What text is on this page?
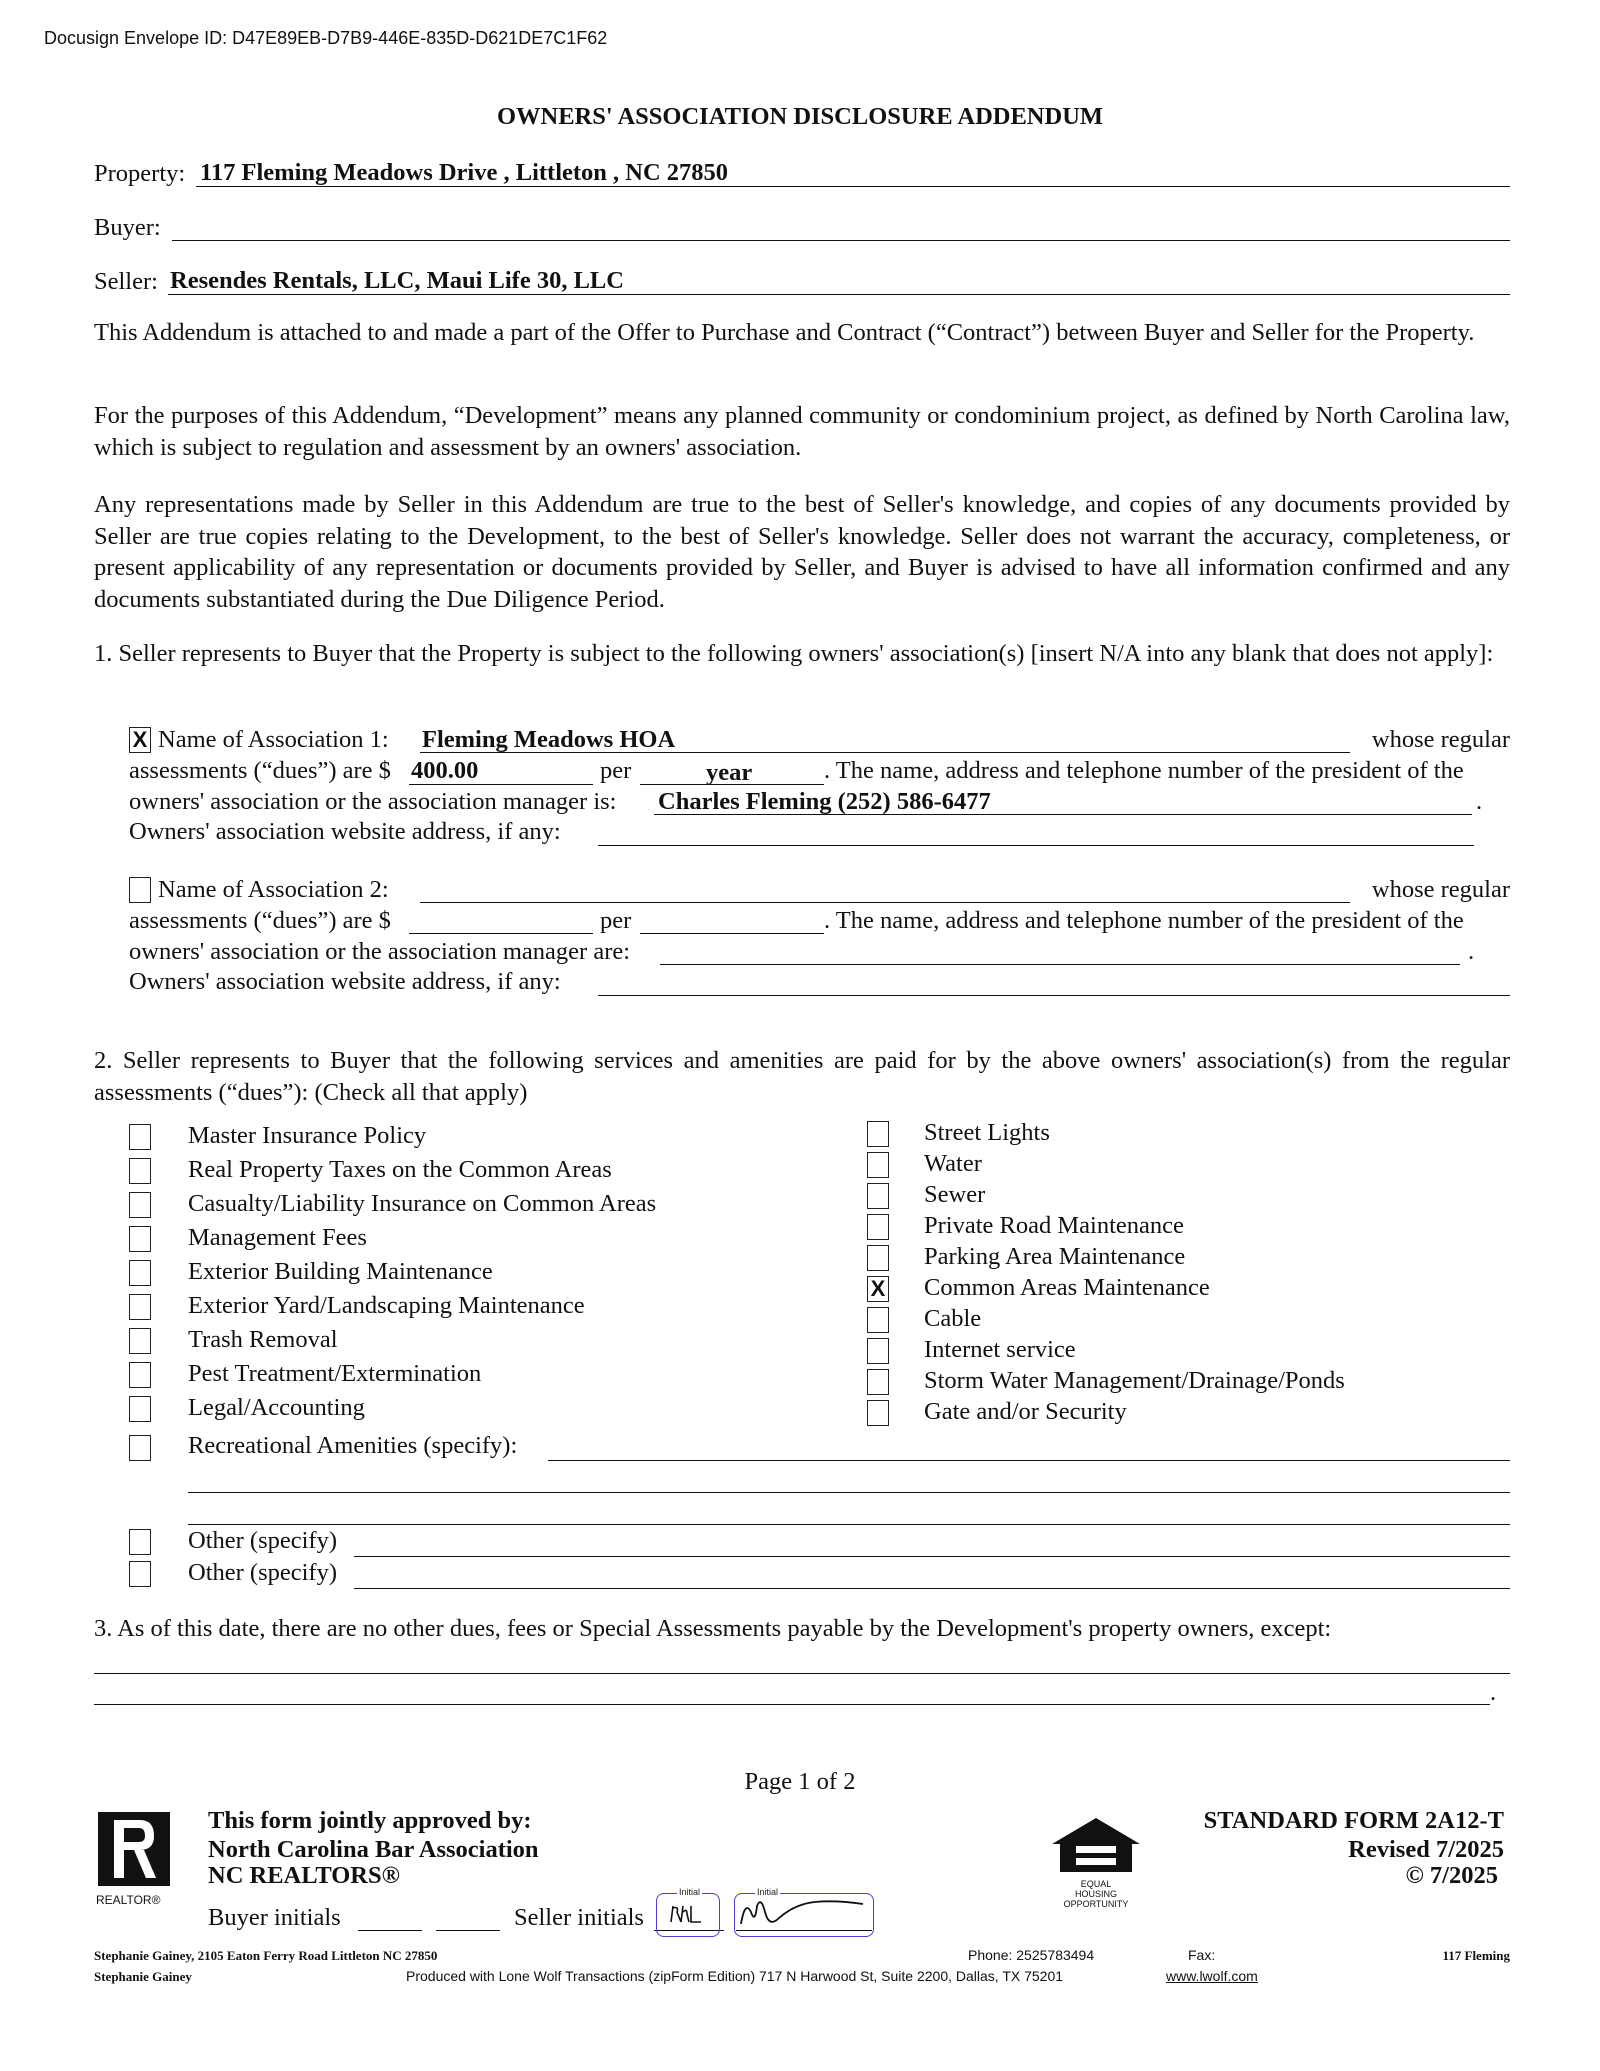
Docusign Envelope ID: D47E89EB-D7B9-446E-835D-D621DE7C1F62
OWNERS' ASSOCIATION DISCLOSURE ADDENDUM
Property: 117 Fleming Meadows Drive , Littleton , NC 27850
Buyer:
Seller: Resendes Rentals, LLC, Maui Life 30, LLC
This Addendum is attached to and made a part of the Offer to Purchase and Contract (“Contract”) between Buyer and Seller for the Property.
For the purposes of this Addendum, “Development” means any planned community or condominium project, as defined by North Carolina law, which is subject to regulation and assessment by an owners' association.
Any representations made by Seller in this Addendum are true to the best of Seller's knowledge, and copies of any documents provided by Seller are true copies relating to the Development, to the best of Seller's knowledge. Seller does not warrant the accuracy, completeness, or present applicability of any representation or documents provided by Seller, and Buyer is advised to have all information confirmed and any documents substantiated during the Due Diligence Period.
1. Seller represents to Buyer that the Property is subject to the following owners' association(s) [insert N/A into any blank that does not apply]:
X Name of Association 1: Fleming Meadows HOA	whose regular
assessments (“dues”) are $ 400.00	per	year	. The name, address and telephone number of the president of the
owners' association or the association manager is: Charles Fleming (252) 586-6477	.
Owners' association website address, if any:
Name of Association 2:	whose regular
assessments (“dues”) are $	per	. The name, address and telephone number of the president of the
owners' association or the association manager are:	.
Owners' association website address, if any:
2. Seller represents to Buyer that the following services and amenities are paid for by the above owners' association(s) from the regular assessments (“dues”): (Check all that apply)
Master Insurance Policy
Real Property Taxes on the Common Areas
Casualty/Liability Insurance on Common Areas
Management Fees
Exterior Building Maintenance
Exterior Yard/Landscaping Maintenance
Trash Removal
Pest Treatment/Extermination
Legal/Accounting
Street Lights
Water
Sewer
Private Road Maintenance
Parking Area Maintenance
X Common Areas Maintenance
Cable
Internet service
Storm Water Management/Drainage/Ponds
Gate and/or Security
Recreational Amenities (specify):
Other (specify)
Other (specify)
3. As of this date, there are no other dues, fees or Special Assessments payable by the Development's property owners, except:
.
Page 1 of 2
REALTOR®
This form jointly approved by:
North Carolina Bar Association
NC REALTORS®	EQUAL HOUSING OPPORTUNITY
STANDARD FORM 2A12-T
Revised 7/2025
© 7/2025
Buyer initials	Seller initials
Initial	Initial
Stephanie Gainey, 2105 Eaton Ferry Road Littleton NC 27850	Phone: 2525783494	Fax:	117 Fleming
Stephanie Gainey	Produced with Lone Wolf Transactions (zipForm Edition) 717 N Harwood St, Suite 2200, Dallas, TX 75201	www.lwolf.com
